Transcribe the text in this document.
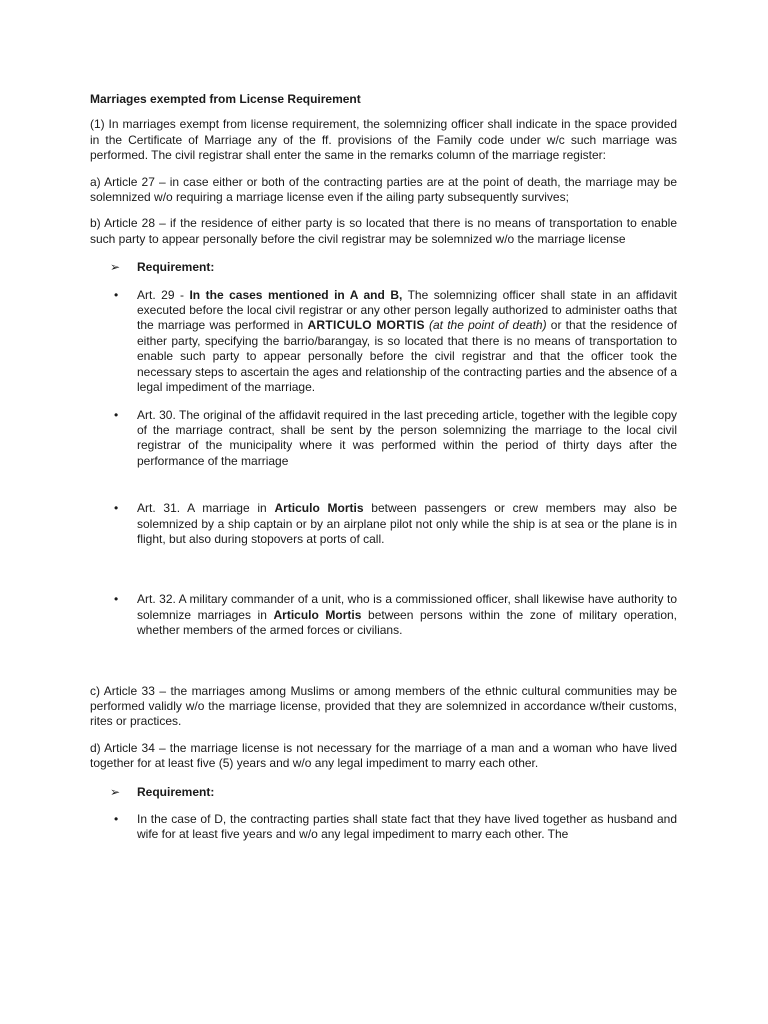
Marriages exempted from License Requirement

(1) In marriages exempt from license requirement, the solemnizing officer shall indicate in the space provided in the Certificate of Marriage any of the ff. provisions of the Family code under w/c such marriage was performed. The civil registrar shall enter the same in the remarks column of the marriage register:

a) Article 27 – in case either or both of the contracting parties are at the point of death, the marriage may be solemnized w/o requiring a marriage license even if the ailing party subsequently survives;

b) Article 28 – if the residence of either party is so located that there is no means of transportation to enable such party to appear personally before the civil registrar may be solemnized w/o the marriage license

➢ Requirement:
• Art. 29 - In the cases mentioned in A and B, The solemnizing officer shall state in an affidavit executed before the local civil registrar or any other person legally authorized to administer oaths that the marriage was performed in ARTICULO MORTIS (at the point of death) or that the residence of either party, specifying the barrio/barangay, is so located that there is no means of transportation to enable such party to appear personally before the civil registrar and that the officer took the necessary steps to ascertain the ages and relationship of the contracting parties and the absence of a legal impediment of the marriage.
• Art. 30. The original of the affidavit required in the last preceding article, together with the legible copy of the marriage contract, shall be sent by the person solemnizing the marriage to the local civil registrar of the municipality where it was performed within the period of thirty days after the performance of the marriage
• Art. 31. A marriage in Articulo Mortis between passengers or crew members may also be solemnized by a ship captain or by an airplane pilot not only while the ship is at sea or the plane is in flight, but also during stopovers at ports of call.
• Art. 32. A military commander of a unit, who is a commissioned officer, shall likewise have authority to solemnize marriages in Articulo Mortis between persons within the zone of military operation, whether members of the armed forces or civilians.

c) Article 33 – the marriages among Muslims or among members of the ethnic cultural communities may be performed validly w/o the marriage license, provided that they are solemnized in accordance w/their customs, rites or practices.

d) Article 34 – the marriage license is not necessary for the marriage of a man and a woman who have lived together for at least five (5) years and w/o any legal impediment to marry each other.

➢ Requirement:
• In the case of D, the contracting parties shall state fact that they have lived together as husband and wife for at least five years and w/o any legal impediment to marry each other. The
